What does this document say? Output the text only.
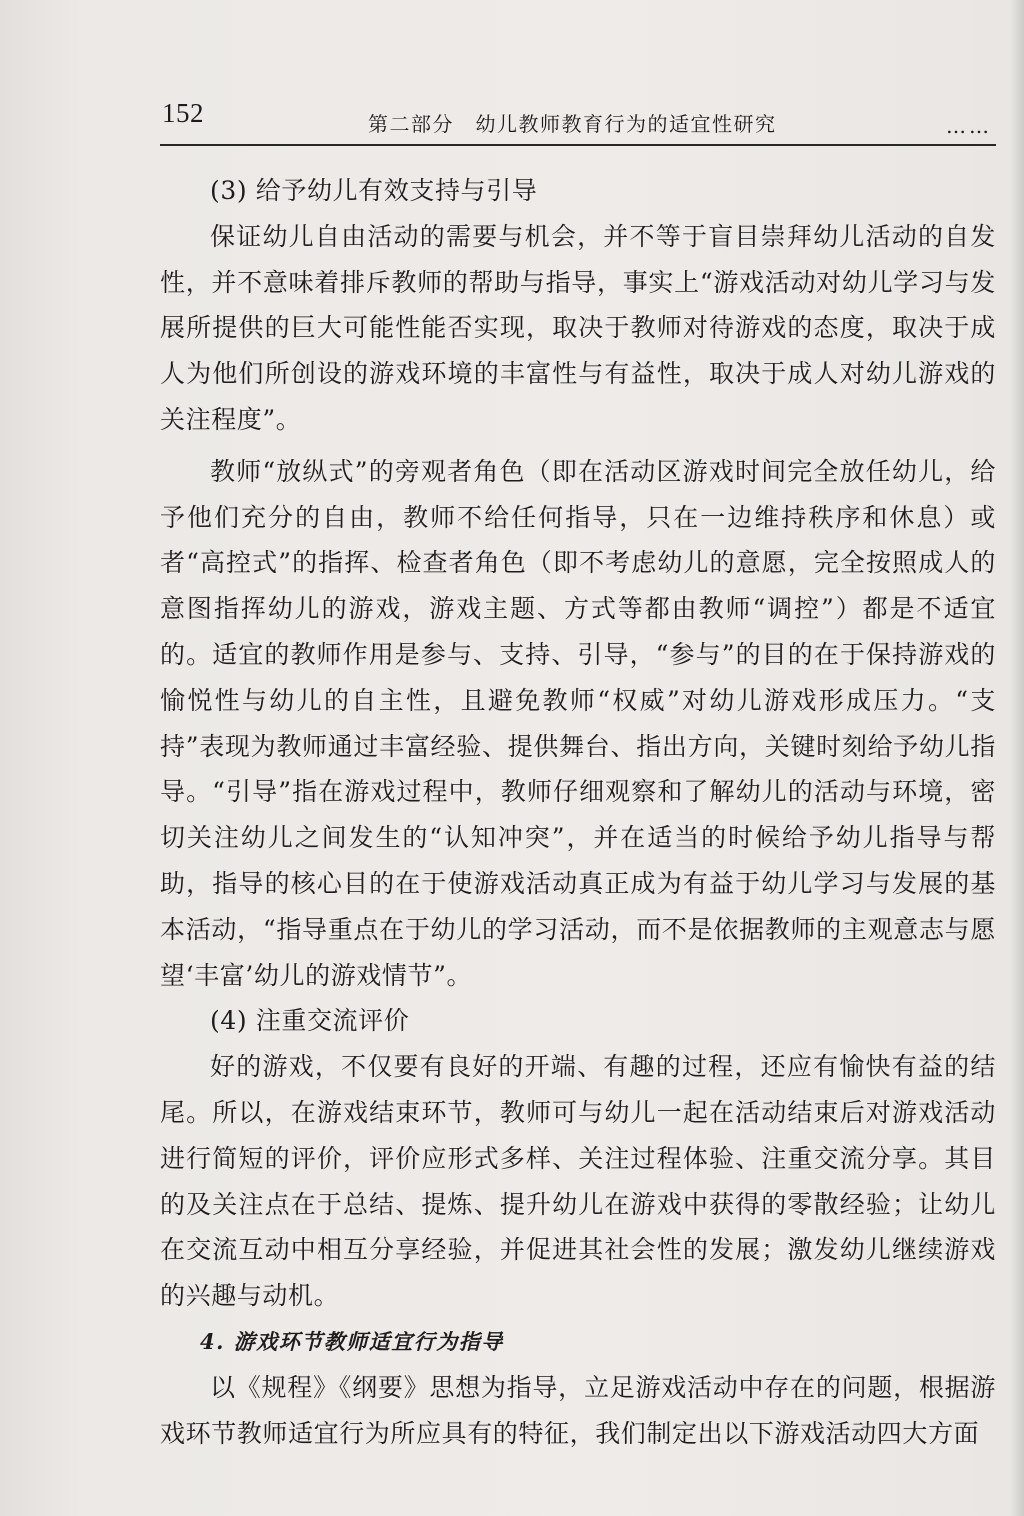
152	第二部分　幼儿教师教育行为的适宜性研究	……

(3) 给予幼儿有效支持与引导

保证幼儿自由活动的需要与机会，并不等于盲目崇拜幼儿活动的自发性，并不意味着排斥教师的帮助与指导，事实上“游戏活动对幼儿学习与发展所提供的巨大可能性能否实现，取决于教师对待游戏的态度，取决于成人为他们所创设的游戏环境的丰富性与有益性，取决于成人对幼儿游戏的关注程度”。

教师“放纵式”的旁观者角色（即在活动区游戏时间完全放任幼儿，给予他们充分的自由，教师不给任何指导，只在一边维持秩序和休息）或者“高控式”的指挥、检查者角色（即不考虑幼儿的意愿，完全按照成人的意图指挥幼儿的游戏，游戏主题、方式等都由教师“调控”）都是不适宜的。适宜的教师作用是参与、支持、引导，“参与”的目的在于保持游戏的愉悦性与幼儿的自主性，且避免教师“权威”对幼儿游戏形成压力。“支持”表现为教师通过丰富经验、提供舞台、指出方向，关键时刻给予幼儿指导。“引导”指在游戏过程中，教师仔细观察和了解幼儿的活动与环境，密切关注幼儿之间发生的“认知冲突”，并在适当的时候给予幼儿指导与帮助，指导的核心目的在于使游戏活动真正成为有益于幼儿学习与发展的基本活动，“指导重点在于幼儿的学习活动，而不是依据教师的主观意志与愿望‘丰富’幼儿的游戏情节”。

(4) 注重交流评价

好的游戏，不仅要有良好的开端、有趣的过程，还应有愉快有益的结尾。所以，在游戏结束环节，教师可与幼儿一起在活动结束后对游戏活动进行简短的评价，评价应形式多样、关注过程体验、注重交流分享。其目的及关注点在于总结、提炼、提升幼儿在游戏中获得的零散经验；让幼儿在交流互动中相互分享经验，并促进其社会性的发展；激发幼儿继续游戏的兴趣与动机。

4. 游戏环节教师适宜行为指导

以《规程》《纲要》思想为指导，立足游戏活动中存在的问题，根据游戏环节教师适宜行为所应具有的特征，我们制定出以下游戏活动四大方面
